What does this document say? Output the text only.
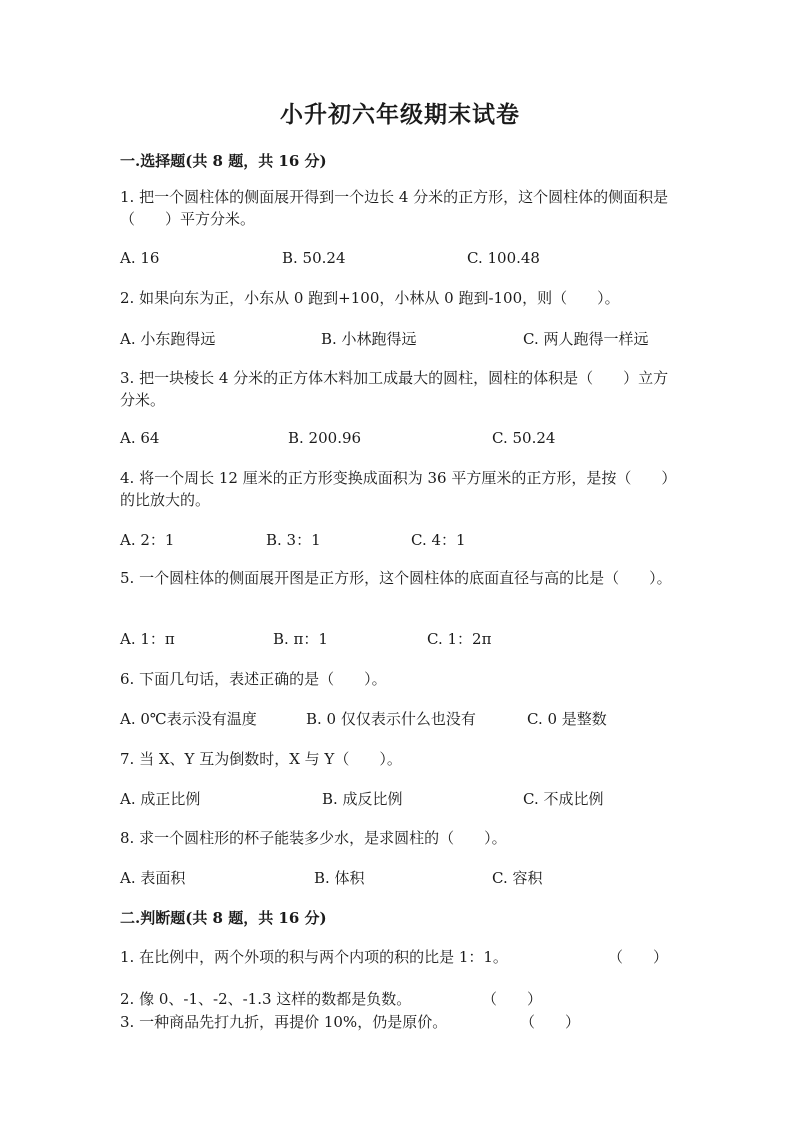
小升初六年级期末试卷
一.选择题(共 8 题，共 16 分)
1. 把一个圆柱体的侧面展开得到一个边长 4 分米的正方形，这个圆柱体的侧面积是（　　）平方分米。
A. 16	B. 50.24	C. 100.48
2. 如果向东为正，小东从 0 跑到+100，小林从 0 跑到-100，则（　　）。
A. 小东跑得远	B. 小林跑得远	C. 两人跑得一样远
3. 把一块棱长 4 分米的正方体木料加工成最大的圆柱，圆柱的体积是（　　）立方分米。
A. 64	B. 200.96	C. 50.24
4. 将一个周长 12 厘米的正方形变换成面积为 36 平方厘米的正方形，是按（　　）的比放大的。
A. 2：1	B. 3：1	C. 4：1
5. 一个圆柱体的侧面展开图是正方形，这个圆柱体的底面直径与高的比是（　　）。
A. 1：π	B. π：1	C. 1：2π
6. 下面几句话，表述正确的是（　　）。
A. 0℃表示没有温度	B. 0 仅仅表示什么也没有	C. 0 是整数
7. 当 X、Y 互为倒数时，X 与 Y（　　）。
A. 成正比例	B. 成反比例	C. 不成比例
8. 求一个圆柱形的杯子能装多少水，是求圆柱的（　　）。
A. 表面积	B. 体积	C. 容积
二.判断题(共 8 题，共 16 分)
1. 在比例中，两个外项的积与两个内项的积的比是 1：1。	（　　）
2. 像 0、-1、-2、-1.3 这样的数都是负数。	（　　）
3. 一种商品先打九折，再提价 10%，仍是原价。	（　　）
